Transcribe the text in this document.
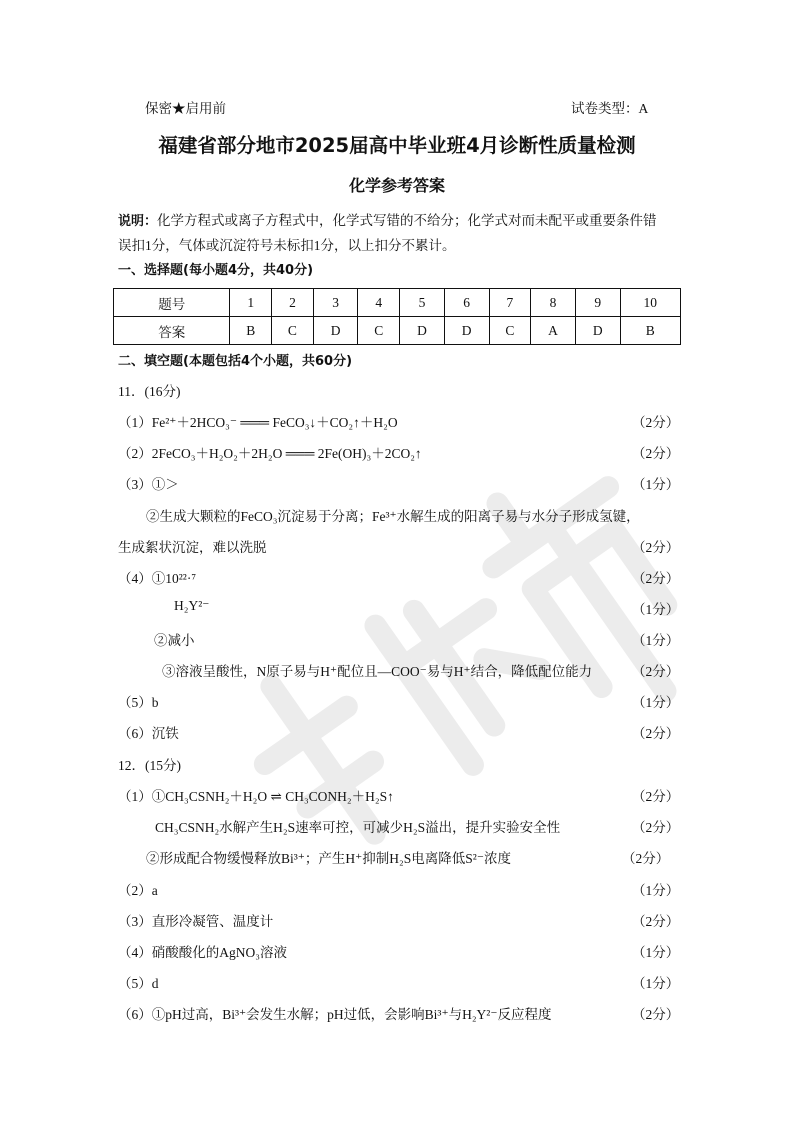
保密★启用前	试卷类型：A
福建省部分地市2025届高中毕业班4月诊断性质量检测
化学参考答案
说明：化学方程式或离子方程式中，化学式写错的不给分；化学式对而未配平或重要条件错
误扣1分，气体或沉淀符号未标扣1分，以上扣分不累计。
一、选择题(每小题4分，共40分)
题号	1	2	3	4	5	6	7	8	9	10
答案	B	C	D	C	D	D	C	A	D	B
二、填空题(本题包括4个小题，共60分)
11．(16分)
（1）Fe²⁺＋2HCO₃⁻ ═══ FeCO₃↓＋CO₂↑＋H₂O	（2分）
（2）2FeCO₃＋H₂O₂＋2H₂O ═══ 2Fe(OH)₃＋2CO₂↑	（2分）
（3）①＞	（1分）
②生成大颗粒的FeCO₃沉淀易于分离；Fe³⁺水解生成的阳离子易与水分子形成氢键，
生成絮状沉淀，难以洗脱	（2分）
（4）①10²²·⁷	（2分）
H₂Y²⁻	（1分）
②减小	（1分）
③溶液呈酸性，N原子易与H⁺配位且—COO⁻易与H⁺结合，降低配位能力	（2分）
（5）b	（1分）
（6）沉铁	（2分）
12．(15分)
（1）①CH₃CSNH₂＋H₂O ⇌ CH₃CONH₂＋H₂S↑	（2分）
CH₃CSNH₂水解产生H₂S速率可控，可减少H₂S溢出，提升实验安全性	（2分）
②形成配合物缓慢释放Bi³⁺；产生H⁺抑制H₂S电离降低S²⁻浓度	（2分）
（2）a	（1分）
（3）直形冷凝管、温度计	（2分）
（4）硝酸酸化的AgNO₃溶液	（1分）
（5）d	（1分）
（6）①pH过高，Bi³⁺会发生水解；pH过低，会影响Bi³⁺与H₂Y²⁻反应程度	（2分）
